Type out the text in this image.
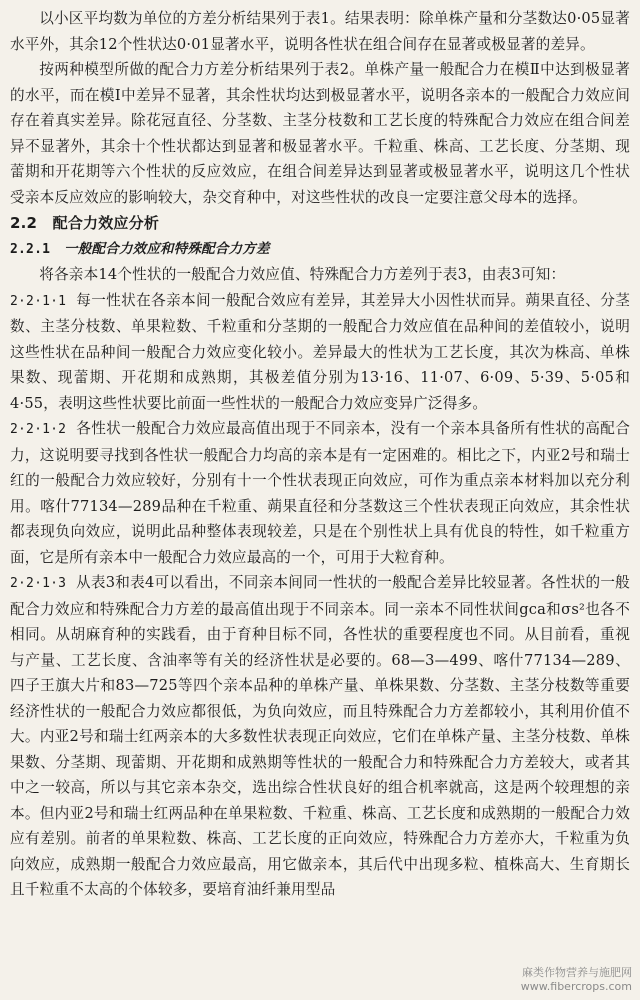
以小区平均数为单位的方差分析结果列于表1。结果表明：除单株产量和分茎数达0·05显著水平外，其余12个性状达0·01显著水平，说明各性状在组合间存在显著或极显著的差异。

按两种模型所做的配合力方差分析结果列于表2。单株产量一般配合力在模Ⅱ中达到极显著的水平，而在模Ⅰ中差异不显著，其余性状均达到极显著水平，说明各亲本的一般配合力效应间存在着真实差异。除花冠直径、分茎数、主茎分枝数和工艺长度的特殊配合力效应在组合间差异不显著外，其余十个性状都达到显著和极显著水平。千粒重、株高、工艺长度、分茎期、现蕾期和开花期等六个性状的反应效应，在组合间差异达到显著或极显著水平，说明这几个性状受亲本反应效应的影响较大，杂交育种中，对这些性状的改良一定要注意父母本的选择。

2.2 配合力效应分析
2.2.1 一般配合力效应和特殊配合力方差

将各亲本14个性状的一般配合力效应值、特殊配合力方差列于表3，由表3可知：

2·2·1·1 每一性状在各亲本间一般配合效应有差异，其差异大小因性状而异。蒴果直径、分茎数、主茎分枝数、单果粒数、千粒重和分茎期的一般配合力效应值在品种间的差值较小，说明这些性状在品种间一般配合力效应变化较小。差异最大的性状为工艺长度，其次为株高、单株果数、现蕾期、开花期和成熟期，其极差值分别为13·16、11·07、6·09、5·39、5·05和4·55，表明这些性状要比前面一些性状的一般配合力效应变异广泛得多。

2·2·1·2 各性状一般配合力效应最高值出现于不同亲本，没有一个亲本具备所有性状的高配合力，这说明要寻找到各性状一般配合力均高的亲本是有一定困难的。相比之下，内亚2号和瑞士红的一般配合力效应较好，分别有十一个性状表现正向效应，可作为重点亲本材料加以充分利用。喀什77134—289品种在千粒重、蒴果直径和分茎数这三个性状表现正向效应，其余性状都表现负向效应，说明此品种整体表现较差，只是在个别性状上具有优良的特性，如千粒重方面，它是所有亲本中一般配合力效应最高的一个，可用于大粒育种。

2·2·1·3 从表3和表4可以看出，不同亲本间同一性状的一般配合差异比较显著。各性状的一般配合力效应和特殊配合力方差的最高值出现于不同亲本。同一亲本不同性状间gca和σs²也各不相同。从胡麻育种的实践看，由于育种目标不同，各性状的重要程度也不同。从目前看，重视与产量、工艺长度、含油率等有关的经济性状是必要的。68—3—499、喀什77134—289、四子王旗大片和83—725等四个亲本品种的单株产量、单株果数、分茎数、主茎分枝数等重要经济性状的一般配合力效应都很低，为负向效应，而且特殊配合力方差都较小，其利用价值不大。内亚2号和瑞士红两亲本的大多数性状表现正向效应，它们在单株产量、主茎分枝数、单株果数、分茎期、现蕾期、开花期和成熟期等性状的一般配合力和特殊配合力方差较大，或者其中之一较高，所以与其它亲本杂交，选出综合性状良好的组合机率就高，这是两个较理想的亲本。但内亚2号和瑞士红两品种在单果粒数、千粒重、株高、工艺长度和成熟期的一般配合力效应有差别。前者的单果粒数、株高、工艺长度的正向效应，特殊配合力方差亦大，千粒重为负向效应，成熟期一般配合力效应最高，用它做亲本，其后代中出现多粒、植株高大、生育期长且千粒重不太高的个体较多，要培育油纤兼用型品

麻类作物营养与施肥网
www.fibercrops.com
